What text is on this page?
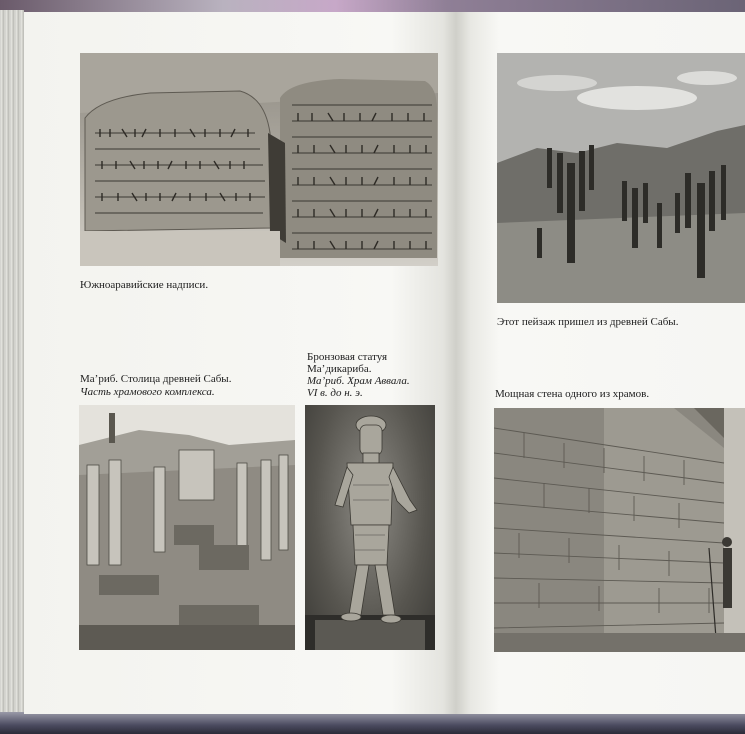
Южноаравийские надписи.
Этот пейзаж пришел из древней Сабы.
Ма’риб. Столица древней Сабы.
Часть храмового комплекса.
Бронзовая статуя
Ма’дикариба.
Ма’риб. Храм Аввала.
VI в. до н. э.	Мощная стена одного из храмов.
